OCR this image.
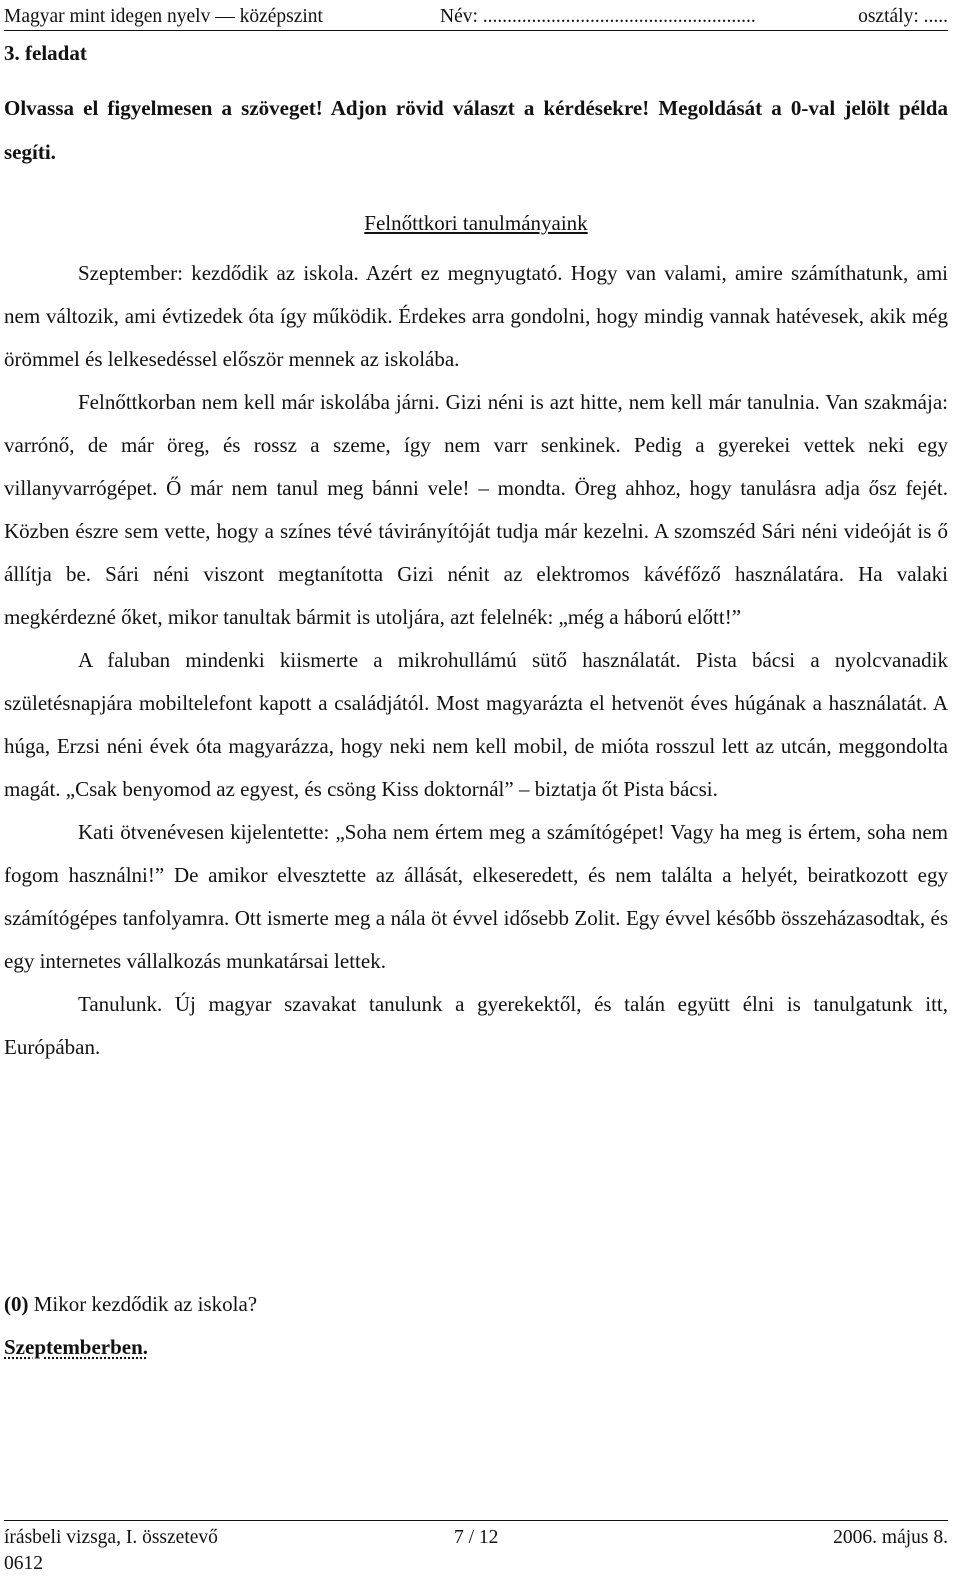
Magyar mint idegen nyelv — középszint	Név: ........................................................	osztály: .....
3. feladat
Olvassa el figyelmesen a szöveget! Adjon rövid választ a kérdésekre! Megoldását a 0-val jelölt példa segíti.
Felnőttkori tanulmányaink

Szeptember: kezdődik az iskola. Azért ez megnyugtató. Hogy van valami, amire számíthatunk, ami nem változik, ami évtizedek óta így működik. Érdekes arra gondolni, hogy mindig vannak hatévesek, akik még örömmel és lelkesedéssel először mennek az iskolába.

Felnőttkorban nem kell már iskolába járni. Gizi néni is azt hitte, nem kell már tanulnia. Van szakmája: varrónő, de már öreg, és rossz a szeme, így nem varr senkinek. Pedig a gyerekei vettek neki egy villanyvarrógépet. Ő már nem tanul meg bánni vele! ‒ mondta. Öreg ahhoz, hogy tanulásra adja ősz fejét. Közben észre sem vette, hogy a színes tévé távirányítóját tudja már kezelni. A szomszéd Sári néni videóját is ő állítja be. Sári néni viszont megtanította Gizi nénit az elektromos kávéfőző használatára. Ha valaki megkérdezné őket, mikor tanultak bármit is utoljára, azt felelnék: „még a háború előtt!”

A faluban mindenki kiismerte a mikrohullámú sütő használatát. Pista bácsi a nyolcvanadik születésnapjára mobiltelefont kapott a családjától. Most magyarázta el hetvenöt éves húgának a használatát. A húga, Erzsi néni évek óta magyarázza, hogy neki nem kell mobil, de mióta rosszul lett az utcán, meggondolta magát. „Csak benyomod az egyest, és csöng Kiss doktornál” ‒ biztatja őt Pista bácsi.

Kati ötvenévesen kijelentette: „Soha nem értem meg a számítógépet! Vagy ha meg is értem, soha nem fogom használni!” De amikor elvesztette az állását, elkeseredett, és nem találta a helyét, beiratkozott egy számítógépes tanfolyamra. Ott ismerte meg a nála öt évvel idősebb Zolit. Egy évvel később összeházasodtak, és egy internetes vállalkozás munkatársai lettek.

Tanulunk. Új magyar szavakat tanulunk a gyerekektől, és talán együtt élni is tanulgatunk itt, Európában.

(0) Mikor kezdődik az iskola?
Szeptemberben.
írásbeli vizsga, I. összetevő	7 / 12	2006. május 8.
0612
